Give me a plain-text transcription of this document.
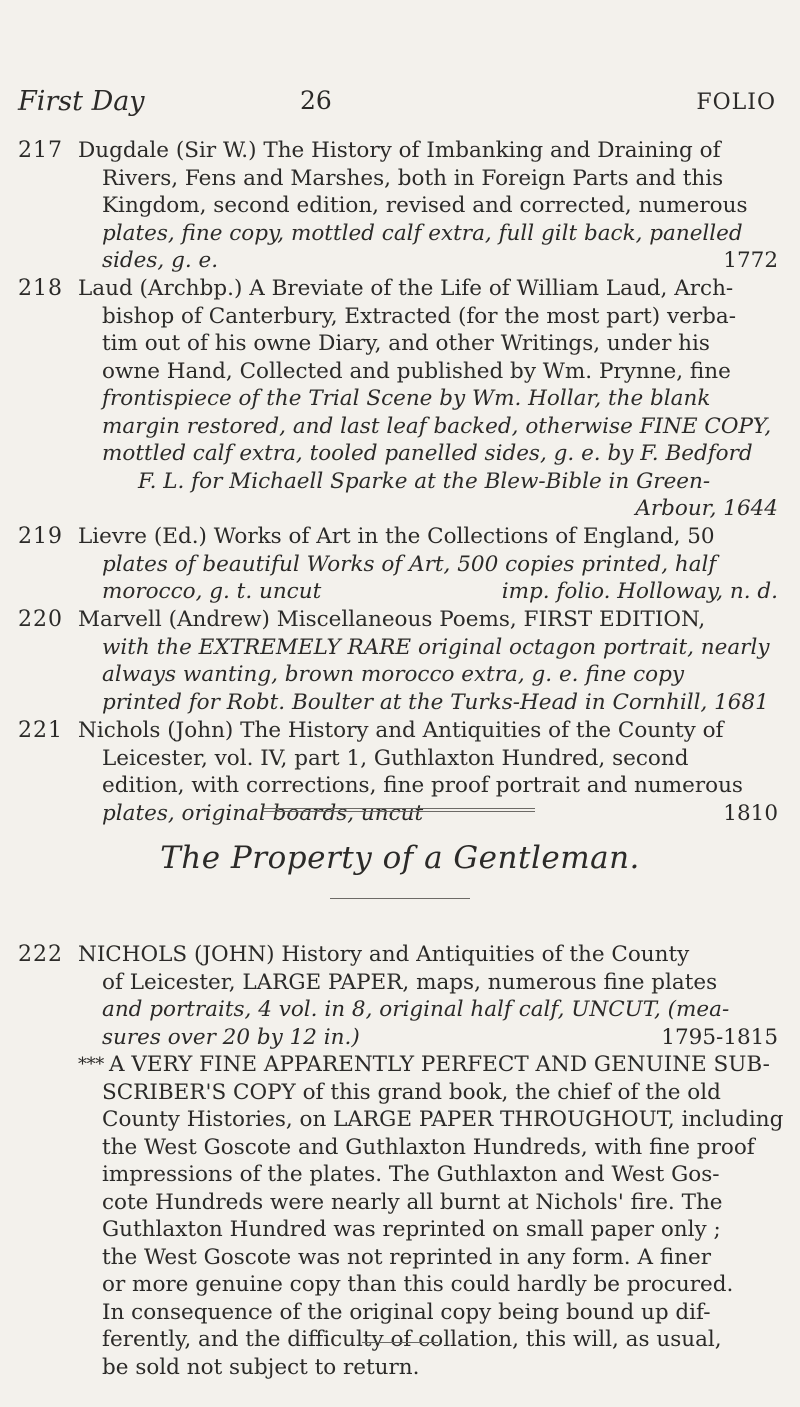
First Day	26	FOLIO
217 Dugdale (Sir W.) The History of Imbanking and Draining of
Rivers, Fens and Marshes, both in Foreign Parts and this
Kingdom, second edition, revised and corrected, numerous
plates, fine copy, mottled calf extra, full gilt back, panelled
sides, g. e.	1772
218 Laud (Archbp.) A Breviate of the Life of William Laud, Arch-
bishop of Canterbury, Extracted (for the most part) verba-
tim out of his owne Diary, and other Writings, under his
owne Hand, Collected and published by Wm. Prynne, fine
frontispiece of the Trial Scene by Wm. Hollar, the blank
margin restored, and last leaf backed, otherwise FINE COPY,
mottled calf extra, tooled panelled sides, g. e. by F. Bedford
F. L. for Michaell Sparke at the Blew-Bible in Green-
Arbour, 1644
219 Lievre (Ed.) Works of Art in the Collections of England, 50
plates of beautiful Works of Art, 500 copies printed, half
morocco, g. t. uncut	imp. folio. Holloway, n. d.
220 Marvell (Andrew) Miscellaneous Poems, FIRST EDITION,
with the EXTREMELY RARE original octagon portrait, nearly
always wanting, brown morocco extra, g. e. fine copy
printed for Robt. Boulter at the Turks-Head in Cornhill, 1681
221 Nichols (John) The History and Antiquities of the County of
Leicester, vol. IV, part 1, Guthlaxton Hundred, second
edition, with corrections, fine proof portrait and numerous
plates, original boards, uncut	1810
The Property of a Gentleman.
222 NICHOLS (JOHN) History and Antiquities of the County
of Leicester, LARGE PAPER, maps, numerous fine plates
and portraits, 4 vol. in 8, original half calf, UNCUT, (mea-
sures over 20 by 12 in.)	1795-1815
* * * A VERY FINE APPARENTLY PERFECT AND GENUINE SUB-
SCRIBER'S COPY of this grand book, the chief of the old
County Histories, on LARGE PAPER THROUGHOUT, including
the West Goscote and Guthlaxton Hundreds, with fine proof
impressions of the plates. The Guthlaxton and West Gos-
cote Hundreds were nearly all burnt at Nichols' fire. The
Guthlaxton Hundred was reprinted on small paper only ;
the West Goscote was not reprinted in any form. A finer
or more genuine copy than this could hardly be procured.
In consequence of the original copy being bound up dif-
ferently, and the difficulty of collation, this will, as usual,
be sold not subject to return.
